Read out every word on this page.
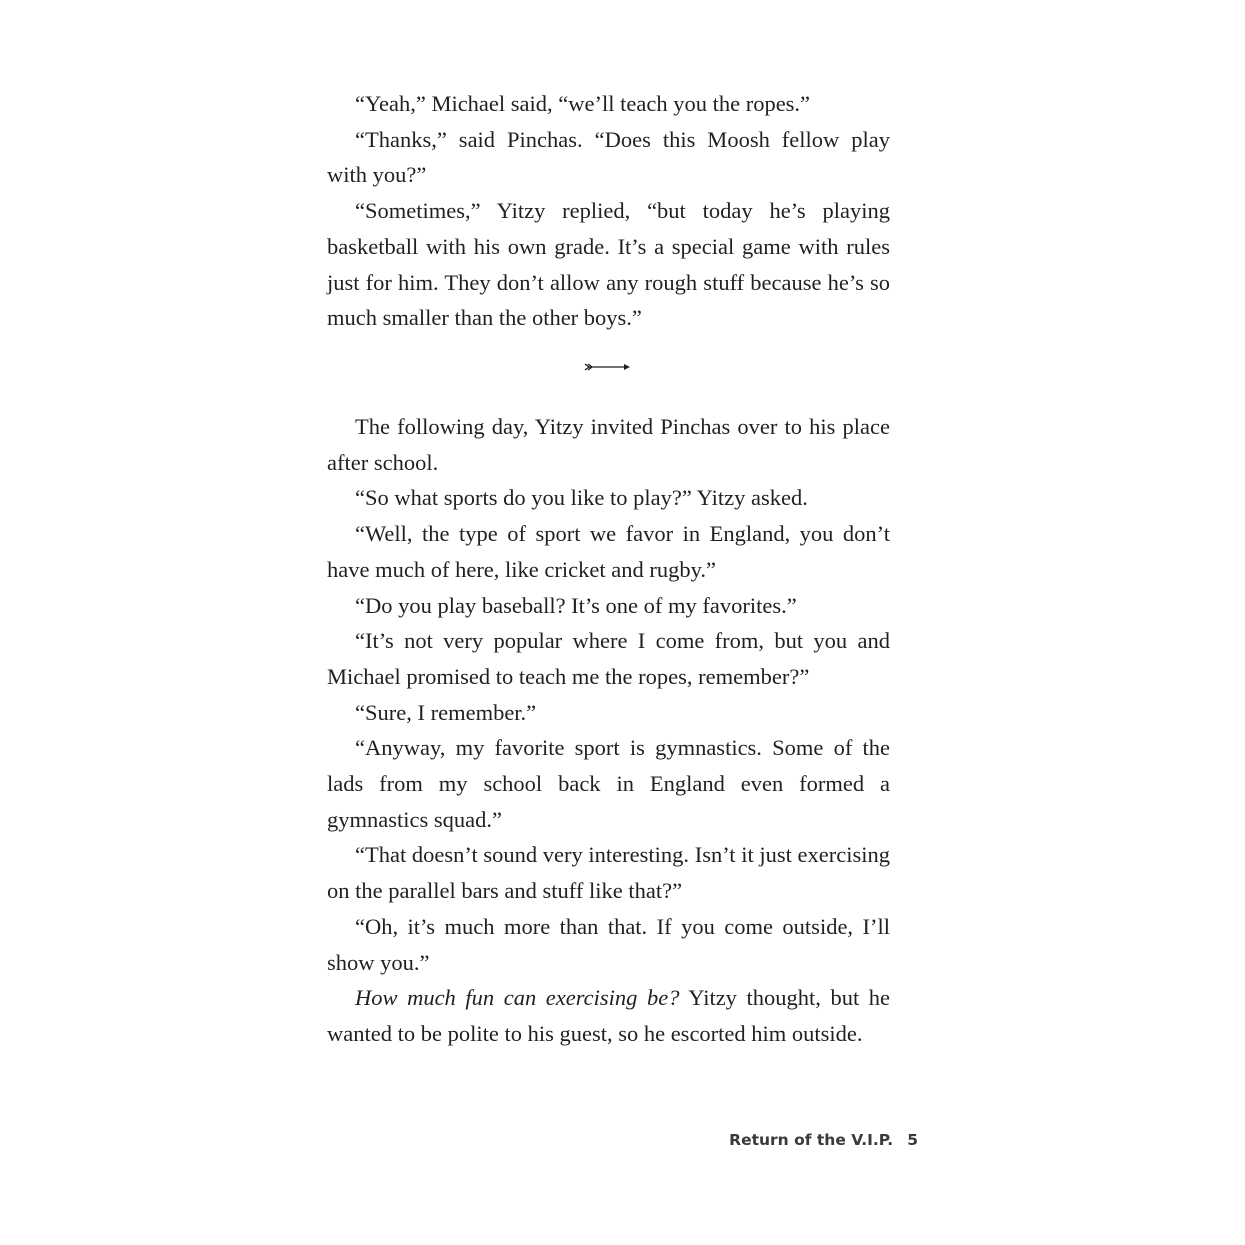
“Yeah,” Michael said, “we’ll teach you the ropes.”

“Thanks,” said Pinchas. “Does this Moosh fellow play with you?”

“Sometimes,” Yitzy replied, “but today he’s playing basketball with his own grade. It’s a special game with rules just for him. They don’t allow any rough stuff because he’s so much smaller than the other boys.”

The following day, Yitzy invited Pinchas over to his place after school.

“So what sports do you like to play?” Yitzy asked.

“Well, the type of sport we favor in England, you don’t have much of here, like cricket and rugby.”

“Do you play baseball? It’s one of my favorites.”

“It’s not very popular where I come from, but you and Michael promised to teach me the ropes, remember?”

“Sure, I remember.”

“Anyway, my favorite sport is gymnastics. Some of the lads from my school back in England even formed a gymnastics squad.”

“That doesn’t sound very interesting. Isn’t it just exercising on the parallel bars and stuff like that?”

“Oh, it’s much more than that. If you come outside, I’ll show you.”

How much fun can exercising be? Yitzy thought, but he wanted to be polite to his guest, so he escorted him outside.

Return of the V.I.P. 5
